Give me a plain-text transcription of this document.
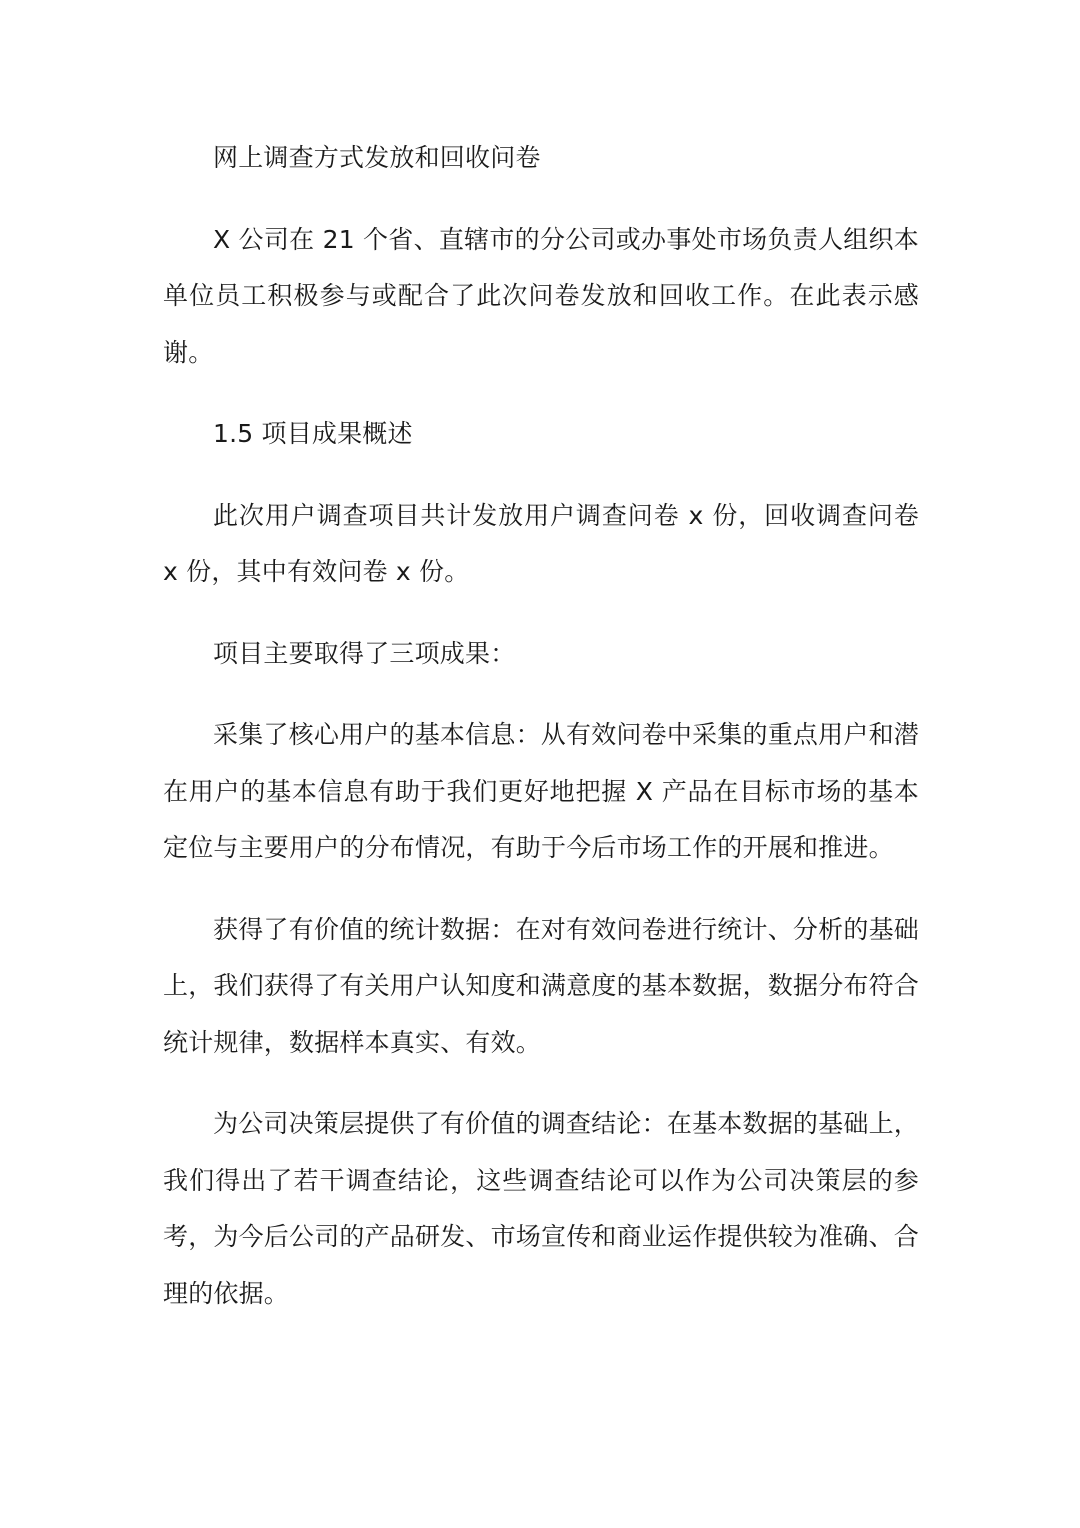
网上调查方式发放和回收问卷

X 公司在 21 个省、直辖市的分公司或办事处市场负责人组织本单位员工积极参与或配合了此次问卷发放和回收工作。在此表示感谢。

1.5 项目成果概述

此次用户调查项目共计发放用户调查问卷 x 份，回收调查问卷 x 份，其中有效问卷 x 份。

项目主要取得了三项成果：

采集了核心用户的基本信息：从有效问卷中采集的重点用户和潜在用户的基本信息有助于我们更好地把握 X 产品在目标市场的基本定位与主要用户的分布情况，有助于今后市场工作的开展和推进。

获得了有价值的统计数据：在对有效问卷进行统计、分析的基础上，我们获得了有关用户认知度和满意度的基本数据，数据分布符合统计规律，数据样本真实、有效。

为公司决策层提供了有价值的调查结论：在基本数据的基础上，我们得出了若干调查结论，这些调查结论可以作为公司决策层的参考，为今后公司的产品研发、市场宣传和商业运作提供较为准确、合理的依据。
